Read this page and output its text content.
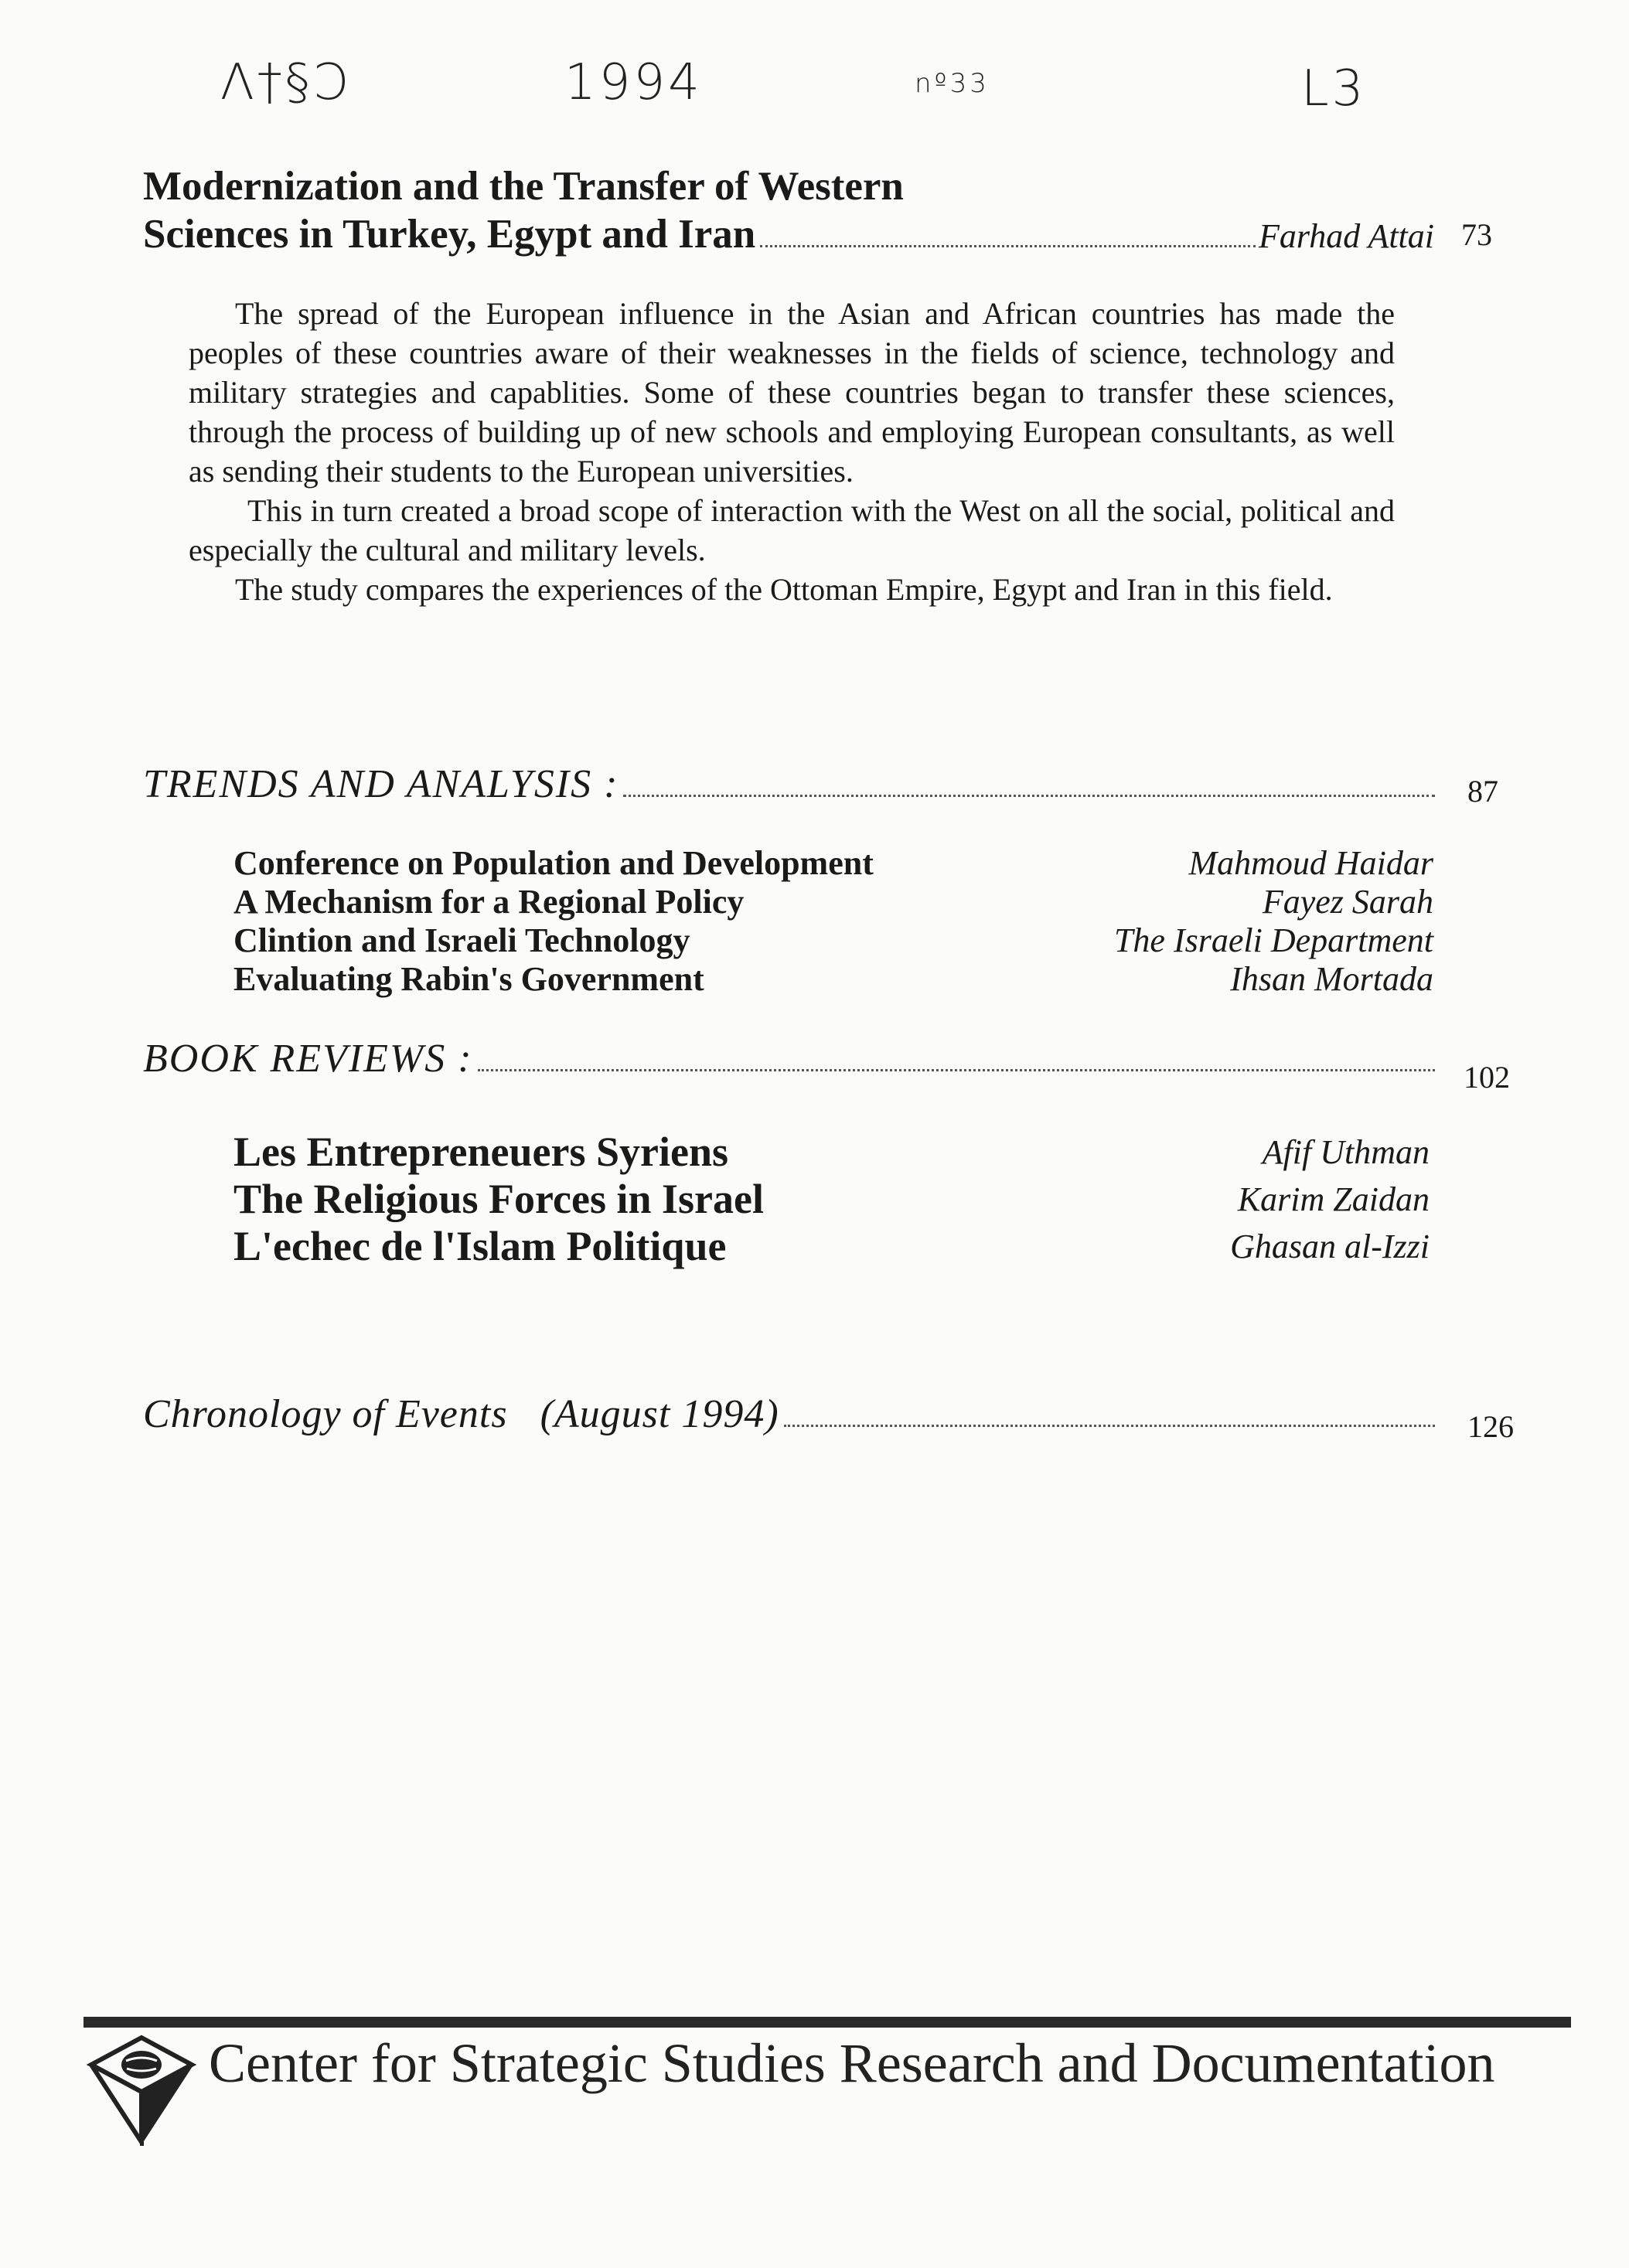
Λ†§Ɔ	1994	nº33	L3
Modernization and the Transfer of Western
Sciences in Turkey, Egypt and Iran	Farhad Attai 73

The spread of the European influence in the Asian and African countries has made the peoples of these countries aware of their weaknesses in the fields of science, technology and military strategies and capablities. Some of these countries began to transfer these sciences, through the process of building up of new schools and employing European consultants, as well as sending their students to the European universities.

This in turn created a broad scope of interaction with the West on all the social, political and especially the cultural and military levels.

The study compares the experiences of the Ottoman Empire, Egypt and Iran in this field.

TRENDS AND ANALYSIS :	87
Conference on Population and Development	Mahmoud Haidar
A Mechanism for a Regional Policy	Fayez Sarah
Clintion and Israeli Technology	The Israeli Department
Evaluating Rabin's Government	Ihsan Mortada
BOOK REVIEWS :	102
Les Entrepreneuers Syriens	Afif Uthman
The Religious Forces in Israel	Karim Zaidan
L'echec de l'Islam Politique	Ghasan al-Izzi
Chronology of Events   (August 1994)	126
Center for Strategic Studies Research and Documentation
